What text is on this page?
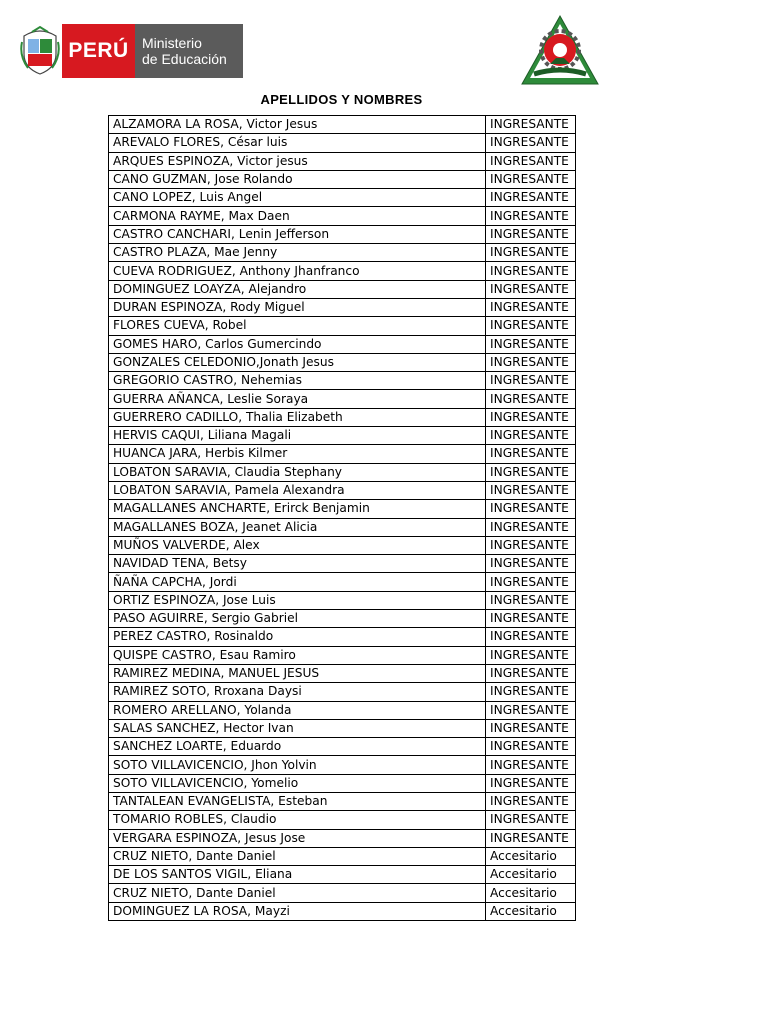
PERÚ Ministerio
de Educación
APELLIDOS Y NOMBRES
ALZAMORA LA ROSA, Victor Jesus	INGRESANTE
AREVALO FLORES, César luis	INGRESANTE
ARQUES ESPINOZA, Victor jesus	INGRESANTE
CANO GUZMAN, Jose Rolando	INGRESANTE
CANO LOPEZ, Luis Angel	INGRESANTE
CARMONA RAYME, Max Daen	INGRESANTE
CASTRO CANCHARI, Lenin Jefferson	INGRESANTE
CASTRO PLAZA, Mae Jenny	INGRESANTE
CUEVA RODRIGUEZ, Anthony Jhanfranco	INGRESANTE
DOMINGUEZ LOAYZA, Alejandro	INGRESANTE
DURAN ESPINOZA, Rody Miguel	INGRESANTE
FLORES CUEVA, Robel	INGRESANTE
GOMES HARO, Carlos Gumercindo	INGRESANTE
GONZALES CELEDONIO,Jonath Jesus	INGRESANTE
GREGORIO CASTRO, Nehemias	INGRESANTE
GUERRA AÑANCA, Leslie Soraya	INGRESANTE
GUERRERO CADILLO, Thalia Elizabeth	INGRESANTE
HERVIS CAQUI, Liliana Magali	INGRESANTE
HUANCA JARA, Herbis Kilmer	INGRESANTE
LOBATON SARAVIA, Claudia Stephany	INGRESANTE
LOBATON SARAVIA, Pamela Alexandra	INGRESANTE
MAGALLANES ANCHARTE, Erirck Benjamin	INGRESANTE
MAGALLANES BOZA, Jeanet Alicia	INGRESANTE
MUÑOS VALVERDE, Alex	INGRESANTE
NAVIDAD TENA, Betsy	INGRESANTE
ÑAÑA CAPCHA, Jordi	INGRESANTE
ORTIZ ESPINOZA, Jose Luis	INGRESANTE
PASO AGUIRRE, Sergio Gabriel	INGRESANTE
PEREZ CASTRO, Rosinaldo	INGRESANTE
QUISPE CASTRO, Esau Ramiro	INGRESANTE
RAMIREZ MEDINA, MANUEL JESUS	INGRESANTE
RAMIREZ SOTO, Rroxana Daysi	INGRESANTE
ROMERO ARELLANO, Yolanda	INGRESANTE
SALAS SANCHEZ, Hector Ivan	INGRESANTE
SANCHEZ LOARTE, Eduardo	INGRESANTE
SOTO VILLAVICENCIO, Jhon Yolvin	INGRESANTE
SOTO VILLAVICENCIO, Yomelio	INGRESANTE
TANTALEAN EVANGELISTA, Esteban	INGRESANTE
TOMARIO ROBLES, Claudio	INGRESANTE
VERGARA ESPINOZA, Jesus Jose	INGRESANTE
CRUZ NIETO, Dante Daniel	Accesitario
DE LOS SANTOS VIGIL, Eliana	Accesitario
CRUZ NIETO, Dante Daniel	Accesitario
DOMINGUEZ LA ROSA, Mayzi	Accesitario
